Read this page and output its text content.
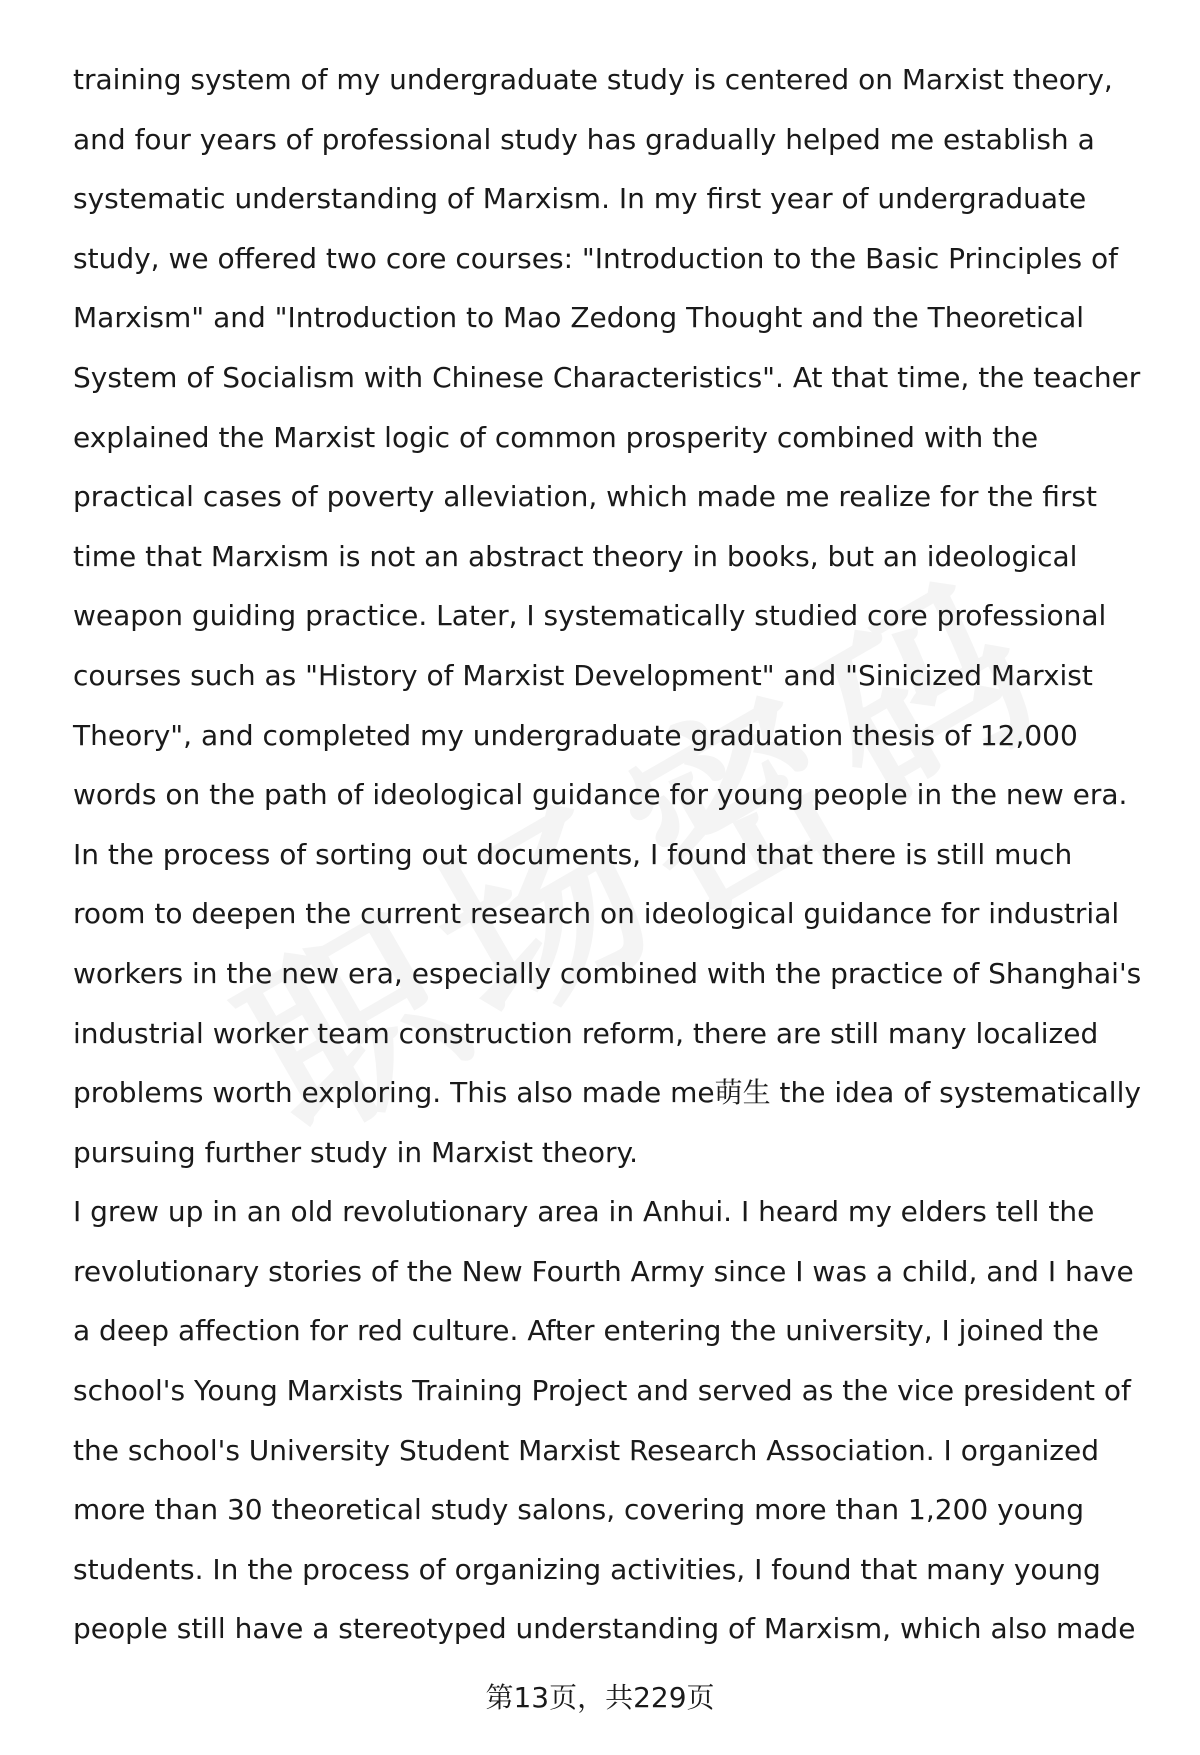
training system of my undergraduate study is centered on Marxist theory,
and four years of professional study has gradually helped me establish a
systematic understanding of Marxism. In my first year of undergraduate
study, we offered two core courses: "Introduction to the Basic Principles of
Marxism" and "Introduction to Mao Zedong Thought and the Theoretical
System of Socialism with Chinese Characteristics". At that time, the teacher
explained the Marxist logic of common prosperity combined with the
practical cases of poverty alleviation, which made me realize for the first
time that Marxism is not an abstract theory in books, but an ideological
weapon guiding practice. Later, I systematically studied core professional
courses such as "History of Marxist Development" and "Sinicized Marxist
Theory", and completed my undergraduate graduation thesis of 12,000
words on the path of ideological guidance for young people in the new era.
In the process of sorting out documents, I found that there is still much
room to deepen the current research on ideological guidance for industrial
workers in the new era, especially combined with the practice of Shanghai's
industrial worker team construction reform, there are still many localized
problems worth exploring. This also made me萌生 the idea of systematically
pursuing further study in Marxist theory.
I grew up in an old revolutionary area in Anhui. I heard my elders tell the
revolutionary stories of the New Fourth Army since I was a child, and I have
a deep affection for red culture. After entering the university, I joined the
school's Young Marxists Training Project and served as the vice president of
the school's University Student Marxist Research Association. I organized
more than 30 theoretical study salons, covering more than 1,200 young
students. In the process of organizing activities, I found that many young
people still have a stereotyped understanding of Marxism, which also made
第13页，共229页
